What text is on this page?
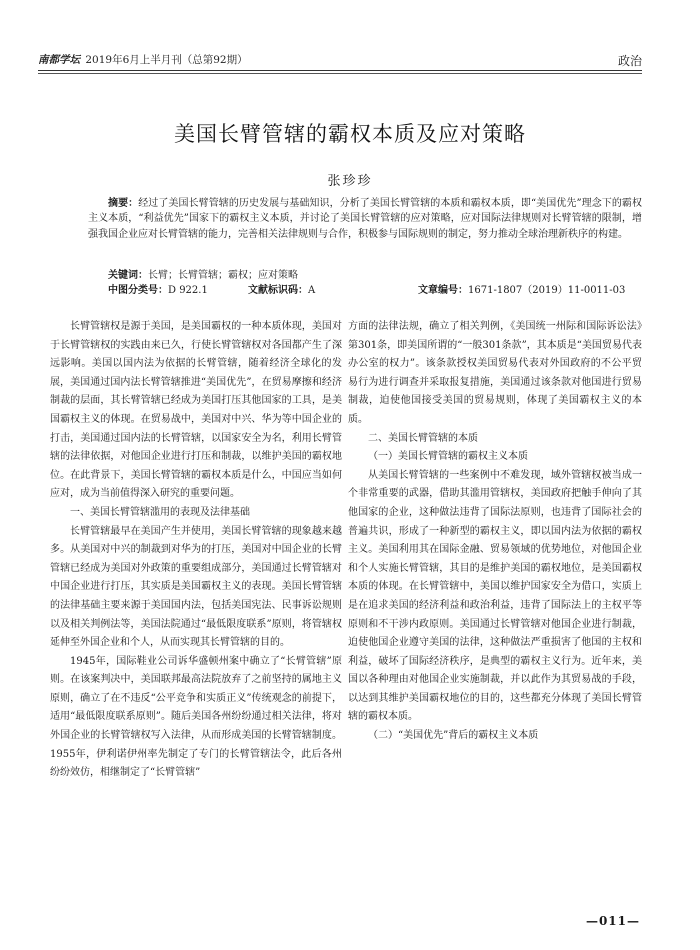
南都学坛 2019年6月上半月刊（总第92期）	政治
美国长臂管辖的霸权本质及应对策略
张珍珍

摘要：经过了美国长臂管辖的历史发展与基础知识，分析了美国长臂管辖的本质和霸权本质，即“美国优先”理念下的霸权主义本质，“利益优先”国家下的霸权主义本质，并讨论了美国长臂管辖的应对策略，应对国际法律规则对长臂管辖的限制，增强我国企业应对长臂管辖的能力，完善相关法律规则与合作，积极参与国际规则的制定，努力推动全球治理新秩序的构建。

关键词：长臂；长臂管辖；霸权；应对策略
中图分类号：D 922.1	文献标识码：A	文章编号：1671-1807（2019）11-0011-03

长臂管辖权是源于美国，是美国霸权的一种本质体现，美国对于长臂管辖权的实践由来已久，行使长臂管辖权对各国都产生了深远影响。美国以国内法为依据的长臂管辖，随着经济全球化的发展，美国通过国内法长臂管辖推进“美国优先”，在贸易摩擦和经济制裁的层面，其长臂管辖已经成为美国打压其他国家的工具，是美国霸权主义的体现。在贸易战中，美国对中兴、华为等中国企业的打击，美国通过国内法的长臂管辖，以国家安全为名，利用长臂管辖的法律依据，对他国企业进行打压和制裁，以维护美国的霸权地位。在此背景下，美国长臂管辖的霸权本质是什么，中国应当如何应对，成为当前值得深入研究的重要问题。

一、美国长臂管辖滥用的表现及法律基础

长臂管辖最早在美国产生并使用，美国长臂管辖的现象越来越多。从美国对中兴的制裁到对华为的打压，美国对中国企业的长臂管辖已经成为美国对外政策的重要组成部分，美国通过长臂管辖对中国企业进行打压，其实质是美国霸权主义的表现。美国长臂管辖的法律基础主要来源于美国国内法，包括美国宪法、民事诉讼规则以及相关判例法等，美国法院通过“最低限度联系”原则，将管辖权延伸至外国企业和个人，从而实现其长臂管辖的目的。

1945年，国际鞋业公司诉华盛顿州案中确立了“长臂管辖”原则。在该案判决中，美国联邦最高法院放弃了之前坚持的属地主义原则，确立了在不违反“公平竞争和实质正义”传统观念的前提下，适用“最低限度联系原则”。随后美国各州纷纷通过相关法律，将对外国企业的长臂管辖权写入法律，从而形成美国的长臂管辖制度。1955年，伊利诺伊州率先制定了专门的长臂管辖法令，此后各州纷纷效仿，相继制定了“长臂管辖”

方面的法律法规，确立了相关判例，《美国统一州际和国际诉讼法》第301条，即美国所谓的“一般301条款”，其本质是“美国贸易代表办公室的权力”。该条款授权美国贸易代表对外国政府的不公平贸易行为进行调查并采取报复措施，美国通过该条款对他国进行贸易制裁，迫使他国接受美国的贸易规则，体现了美国霸权主义的本质。

二、美国长臂管辖的本质
（一）美国长臂管辖的霸权主义本质

从美国长臂管辖的一些案例中不难发现，域外管辖权被当成一个非常重要的武器，借助其滥用管辖权，美国政府把触手伸向了其他国家的企业，这种做法违背了国际法原则，也违背了国际社会的普遍共识，形成了一种新型的霸权主义，即以国内法为依据的霸权主义。美国利用其在国际金融、贸易领域的优势地位，对他国企业和个人实施长臂管辖，其目的是维护美国的霸权地位，是美国霸权本质的体现。在长臂管辖中，美国以维护国家安全为借口，实质上是在追求美国的经济利益和政治利益，违背了国际法上的主权平等原则和不干涉内政原则。美国通过长臂管辖对他国企业进行制裁，迫使他国企业遵守美国的法律，这种做法严重损害了他国的主权和利益，破坏了国际经济秩序，是典型的霸权主义行为。近年来，美国以各种理由对他国企业实施制裁，并以此作为其贸易战的手段，以达到其维护美国霸权地位的目的，这些都充分体现了美国长臂管辖的霸权本质。

（二）“美国优先”背后的霸权主义本质
—011—
